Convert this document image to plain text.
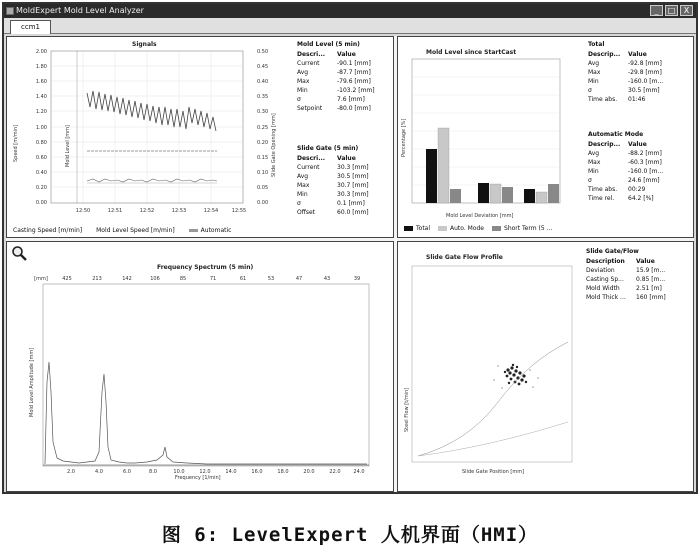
MoldExpert Mold Level Analyzer	_	□	X
ccm1
Signals
2.00
1.80
1.60
1.40
1.20
1.00
0.80
0.60
0.40
0.20
0.00
0.50
0.45
0.40
0.35
0.30
0.25
0.20
0.15
0.10
0.05
0.00
12:50	12:51	12:52	12:53	12:54	12:55
Speed [m/min]	Mold Level [mm]	Slide Gate Opening [mm]
Casting Speed [m/min] Mold Level Speed [m/min]	Automatic
Mold Level (5 min)
Descri...	Value
Current	-90.1 [mm]
Avg	-87.7 [mm]
Max	-79.6 [mm]
Min	-103.2 [mm]
σ	7.6 [mm]
Setpoint	-80.0 [mm]
Slide Gate (5 min)
Descri...	Value
Current	30.3 [mm]
Avg	30.5 [mm]
Max	30.7 [mm]
Min	30.3 [mm]
σ	0.1 [mm]
Offset	60.0 [mm]
Mold Level since StartCast
Percentage [%]
Mold Level Deviation [mm]
Total	Auto. Mode	Short Term (5 ...
Total
Descrip...	Value
Avg	-92.8 [mm]
Max	-29.8 [mm]
Min	-160.0 [m...
σ	30.5 [mm]
Time abs.	01:46
Automatic Mode
Descrip...	Value
Avg	-88.2 [mm]
Max	-60.3 [mm]
Min	-160.0 [m...
σ	24.6 [mm]
Time abs.	00:29
Time rel.	64.2 [%]
Frequency Spectrum (5 min)
[mm]	425	213	142	106	85	71	61	53	47	43	39
2.0	4.0	6.0	8.0	10.0	12.0	14.0	16.0	18.0	20.0	22.0	24.0
Frequency [1/min]
Mold Level Amplitude [mm]
Slide Gate Flow Profile
Steel Flow [t/min]
Slide Gate Position [mm]
Slide Gate/Flow
Description	Value
Deviation	15.9 [m...
Casting Sp...	0.85 [m...
Mold Width	2.51 [m]
Mold Thick ...	160 [mm]
图 6: LevelExpert 人机界面（HMI）
